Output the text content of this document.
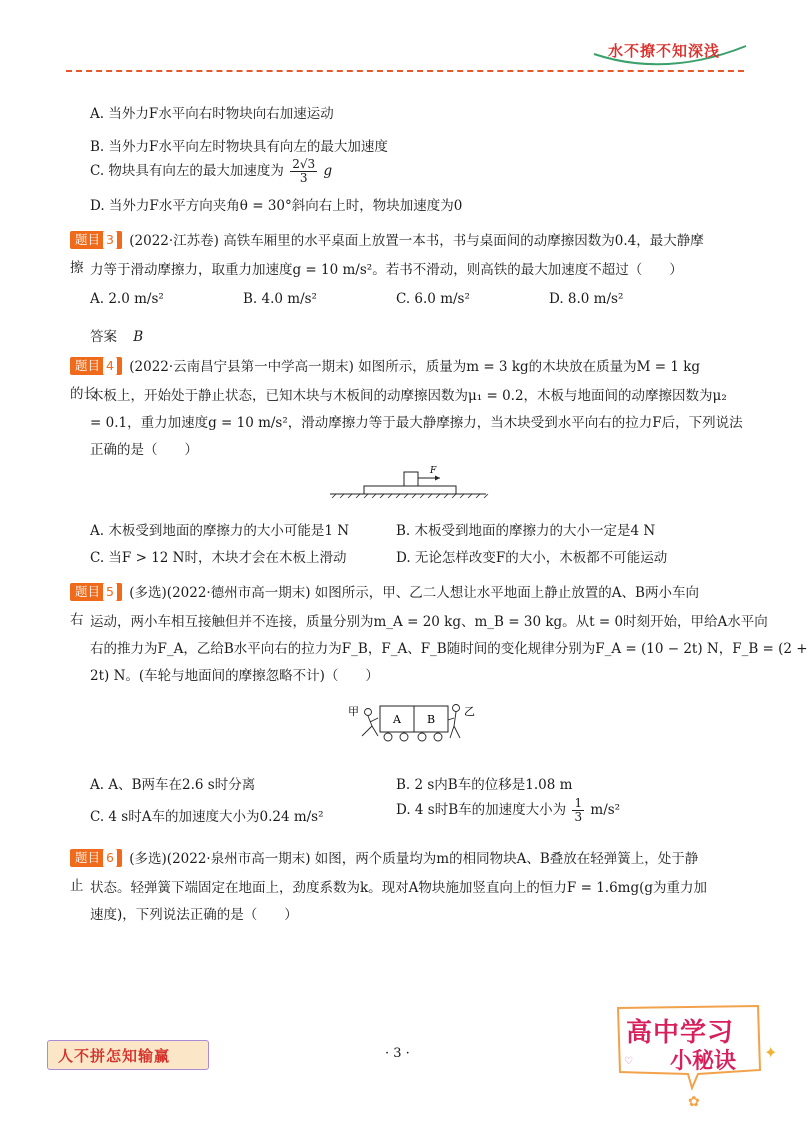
水不撩不知深浅
A. 当外力F水平向右时物块向右加速运动
B. 当外力F水平向左时物块具有向左的最大加速度
C. 物块具有向左的最大加速度为 $\frac{2√3}{3}$ g
D. 当外力F水平方向夹角θ = 30°斜向右上时，物块加速度为0
题目 3 (2022·江苏卷) 高铁车厢里的水平桌面上放置一本书，书与桌面间的动摩擦因数为0.4，最大静摩擦 力等于滑动摩擦力，取重力加速度g = 10 m/s²。若书不滑动，则高铁的最大加速度不超过（　　）
A. 2.0 m/s²	B. 4.0 m/s²	C. 6.0 m/s²	D. 8.0 m/s²
答案 B
题目 4 (2022·云南昌宁县第一中学高一期末) 如图所示，质量为m = 3 kg的木块放在质量为M = 1 kg的长
木板上，开始处于静止状态，已知木块与木板间的动摩擦因数为μ₁ = 0.2，木板与地面间的动摩擦因数为μ₂
= 0.1，重力加速度g = 10 m/s²，滑动摩擦力等于最大静摩擦力，当木块受到水平向右的拉力F后，下列说法
正确的是（　　）
F
A. 木板受到地面的摩擦力的大小可能是1 N	B. 木板受到地面的摩擦力的大小一定是4 N
C. 当F > 12 N时，木块才会在木板上滑动	D. 无论怎样改变F的大小，木板都不可能运动
题目 5 (多选)(2022·德州市高一期末) 如图所示，甲、乙二人想让水平地面上静止放置的A、B两小车向右 运动，两小车相互接触但并不连接，质量分别为m_A = 20 kg、m_B = 30 kg。从t = 0时刻开始，甲给A水平向
右的推力为F_A，乙给B水平向右的拉力为F_B，F_A、F_B随时间的变化规律分别为F_A = (10 − 2t) N，F_B = (2 +
2t) N。(车轮与地面间的摩擦忽略不计)（　　）
甲
A B
乙
A. A、B两车在2.6 s时分离	B. 2 s内B车的位移是1.08 m
C. 4 s时A车的加速度大小为0.24 m/s²	D. 4 s时B车的加速度大小为 $\frac{1}{3} m/s^2$
题目 6 (多选)(2022·泉州市高一期末) 如图，两个质量均为m的相同物块A、B叠放在轻弹簧上，处于静止 状态。轻弹簧下端固定在地面上，劲度系数为k。现对A物块施加竖直向上的恒力F = 1.6mg(g为重力加
速度)，下列说法正确的是（　　）
人不拼怎知输赢	· 3 ·	✦
✿
♡
高中学习
小秘诀
